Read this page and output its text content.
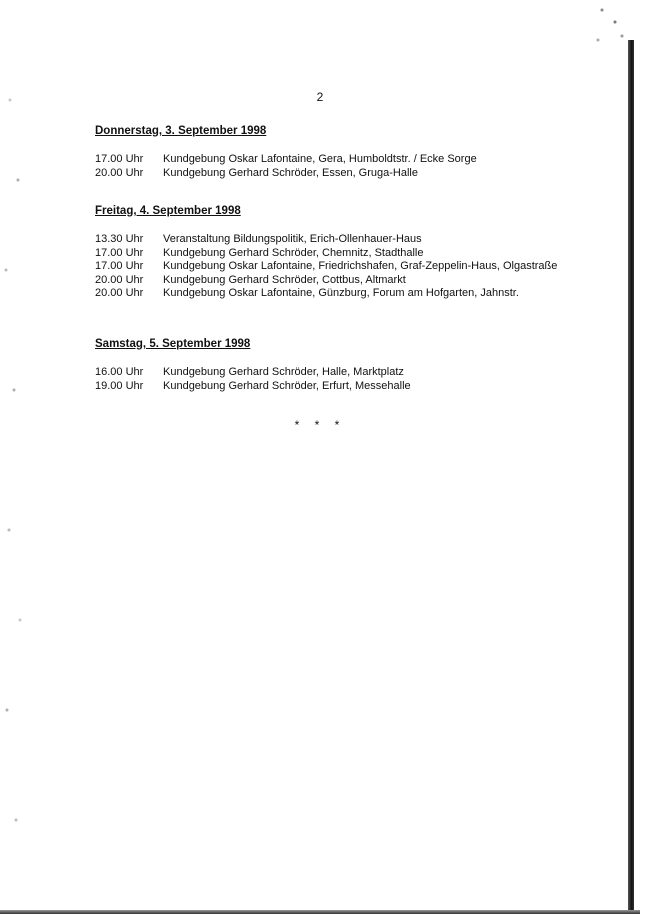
2
Donnerstag, 3. September 1998
17.00 Uhr	Kundgebung Oskar Lafontaine, Gera, Humboldtstr. / Ecke Sorge
20.00 Uhr	Kundgebung Gerhard Schröder, Essen, Gruga-Halle
Freitag, 4. September 1998
13.30 Uhr	Veranstaltung Bildungspolitik, Erich-Ollenhauer-Haus
17.00 Uhr	Kundgebung Gerhard Schröder, Chemnitz, Stadthalle
17.00 Uhr	Kundgebung Oskar Lafontaine, Friedrichshafen, Graf-Zeppelin-Haus, Olgastraße
20.00 Uhr	Kundgebung Gerhard Schröder, Cottbus, Altmarkt
20.00 Uhr	Kundgebung Oskar Lafontaine, Günzburg, Forum am Hofgarten, Jahnstr.
Samstag, 5. September 1998
16.00 Uhr	Kundgebung Gerhard Schröder, Halle, Marktplatz
19.00 Uhr	Kundgebung Gerhard Schröder, Erfurt, Messehalle
* * *
